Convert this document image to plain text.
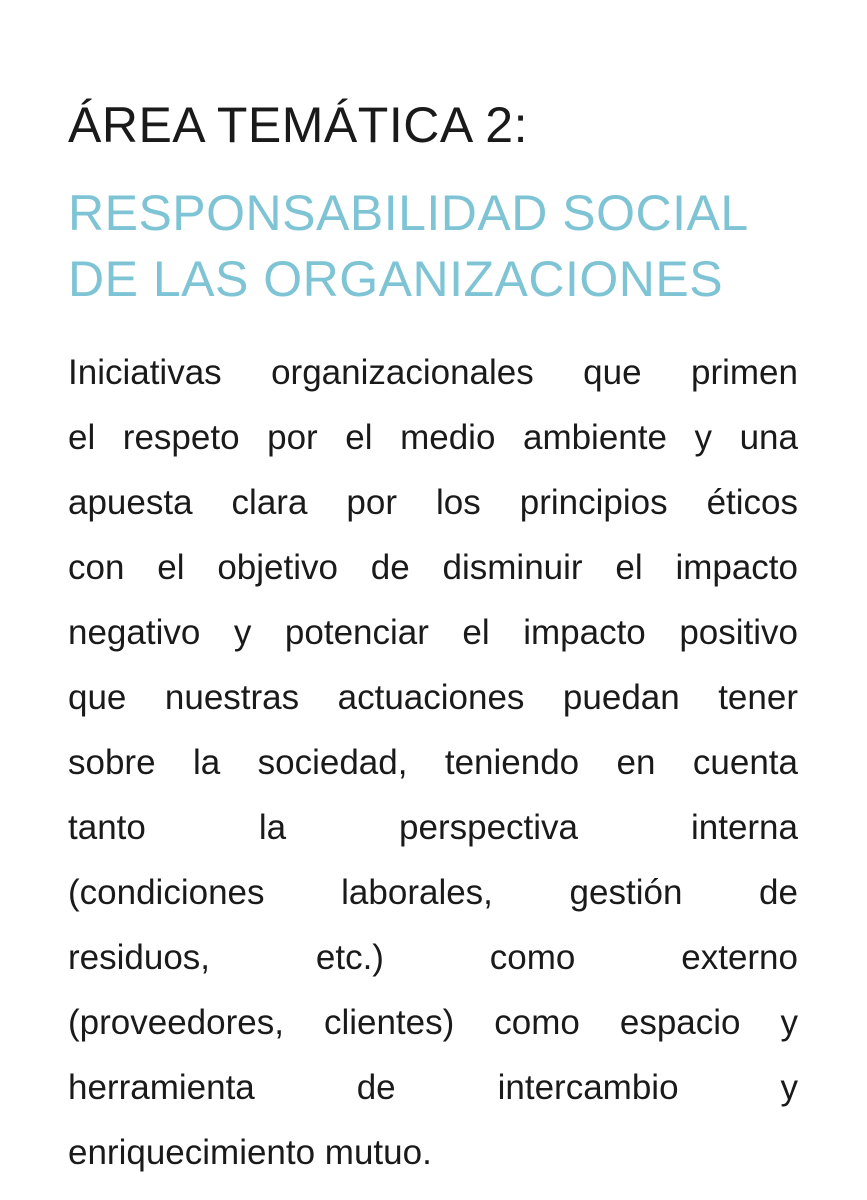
ÁREA TEMÁTICA 2:
RESPONSABILIDAD SOCIAL
DE LAS ORGANIZACIONES

Iniciativas organizacionales que primen
el respeto por el medio ambiente y una
apuesta clara por los principios éticos
con el objetivo de disminuir el impacto
negativo y potenciar el impacto positivo
que nuestras actuaciones puedan tener
sobre la sociedad, teniendo en cuenta
tanto la perspectiva interna
(condiciones laborales, gestión de
residuos, etc.) como externo
(proveedores, clientes) como espacio y
herramienta de intercambio y
enriquecimiento mutuo.
